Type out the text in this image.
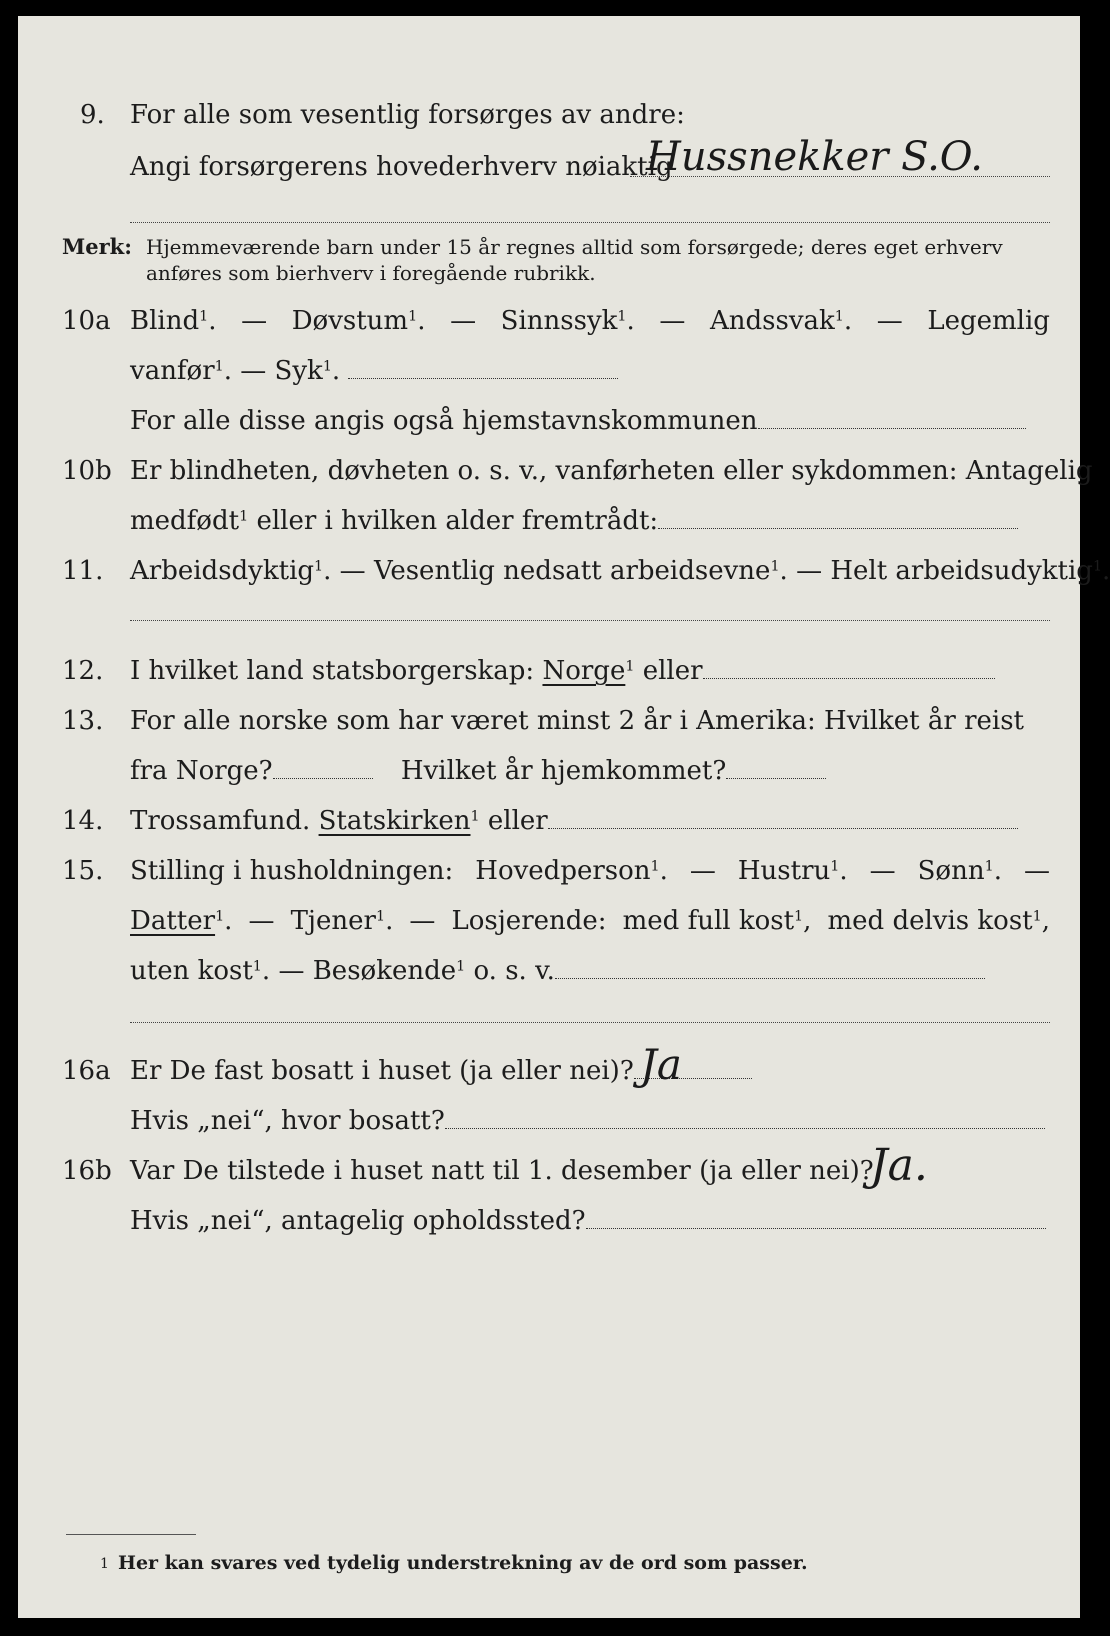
9. For alle som vesentlig forsørges av andre:
Angi forsørgerens hovederhverv nøiaktig
Hussnekker S.O.
Merk: Hjemmeværende barn under 15 år regnes alltid som forsørgede; deres eget erhverv
anføres som bierhverv i foregående rubrikk.
10a Blind$^1$. — Døvstum$^1$. — Sinnssyk$^1$. — Andssvak$^1$. — Legemlig
vanfør$^1$. — Syk$^1$.
For alle disse angis også hjemstavnskommunen
10b Er blindheten, døvheten o. s. v., vanførheten eller sykdommen: Antagelig
medfødt$^1$ eller i hvilken alder fremtrådt:
11. Arbeidsdyktig$^1$. — Vesentlig nedsatt arbeidsevne$^1$. — Helt arbeidsudyktig$^1$.
12. I hvilket land statsborgerskap: Norge$^1$ eller
13. For alle norske som har været minst 2 år i Amerika: Hvilket år reist
fra Norge?	Hvilket år hjemkommet?
14. Trossamfund. Statskirken$^1$ eller
15. Stilling i husholdningen: Hovedperson$^1$. — Hustru$^1$. — Sønn$^1$. —
Datter$^1$. — Tjener$^1$. — Losjerende: med full kost$^1$, med delvis kost$^1$,
uten kost$^1$. — Besøkende$^1$ o. s. v.
16a Er De fast bosatt i huset (ja eller nei)? Ja
Hvis „nei“, hvor bosatt?
16b Var De tilstede i huset natt til 1. desember (ja eller nei)?
Ja.
Hvis „nei“, antagelig opholdssted?
1 Her kan svares ved tydelig understrekning av de ord som passer.
